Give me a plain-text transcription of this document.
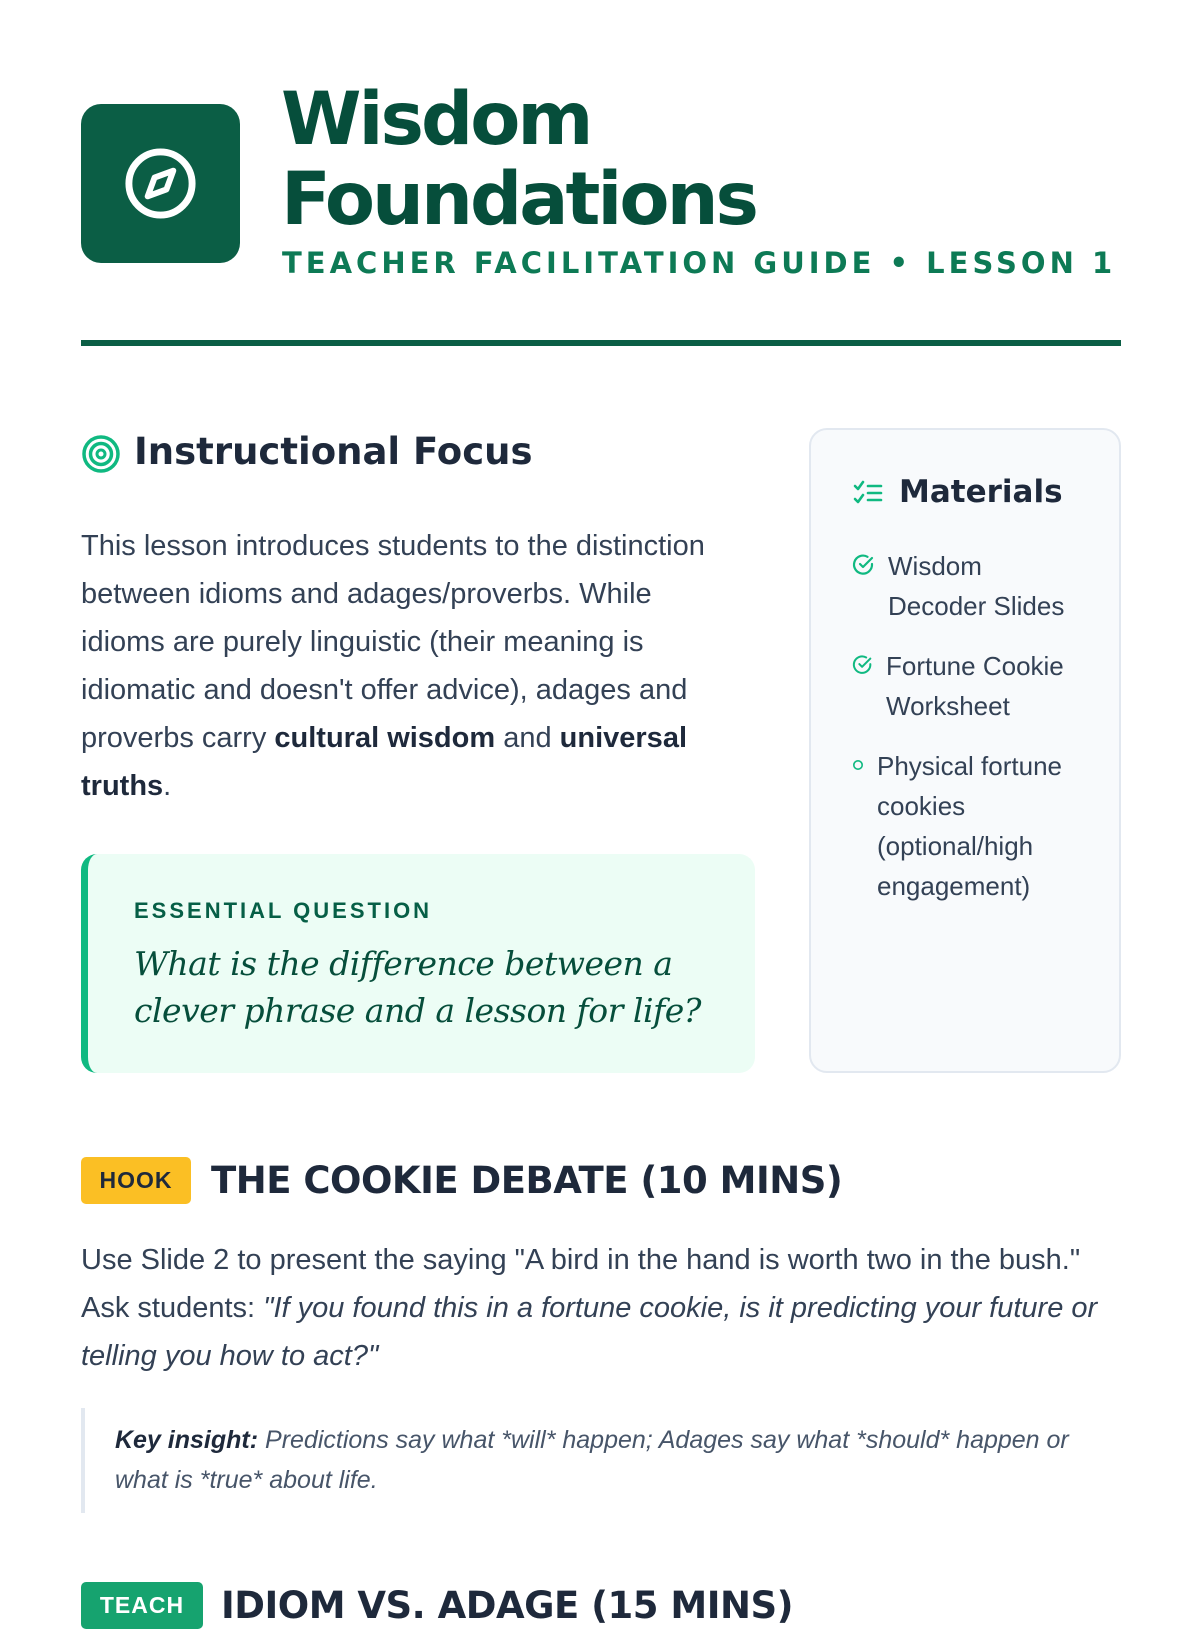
Wisdom
Foundations
TEACHER FACILITATION GUIDE • LESSON 1
Instructional Focus

This lesson introduces students to the distinction between idioms and adages/proverbs. While idioms are purely linguistic (their meaning is idiomatic and doesn't offer advice), adages and proverbs carry cultural wisdom and universal truths.

ESSENTIAL QUESTION
What is the difference between a clever phrase and a lesson for life?
Materials
Wisdom
Decoder Slides
Fortune Cookie
Worksheet
Physical fortune
cookies
(optional/high
engagement)
HOOK	THE COOKIE DEBATE (10 MINS)

Use Slide 2 to present the saying "A bird in the hand is worth two in the bush." Ask students: "If you found this in a fortune cookie, is it predicting your future or telling you how to act?"

Key insight: Predictions say what *will* happen; Adages say what *should* happen or what is *true* about life.

TEACH IDIOM VS. ADAGE (15 MINS)
